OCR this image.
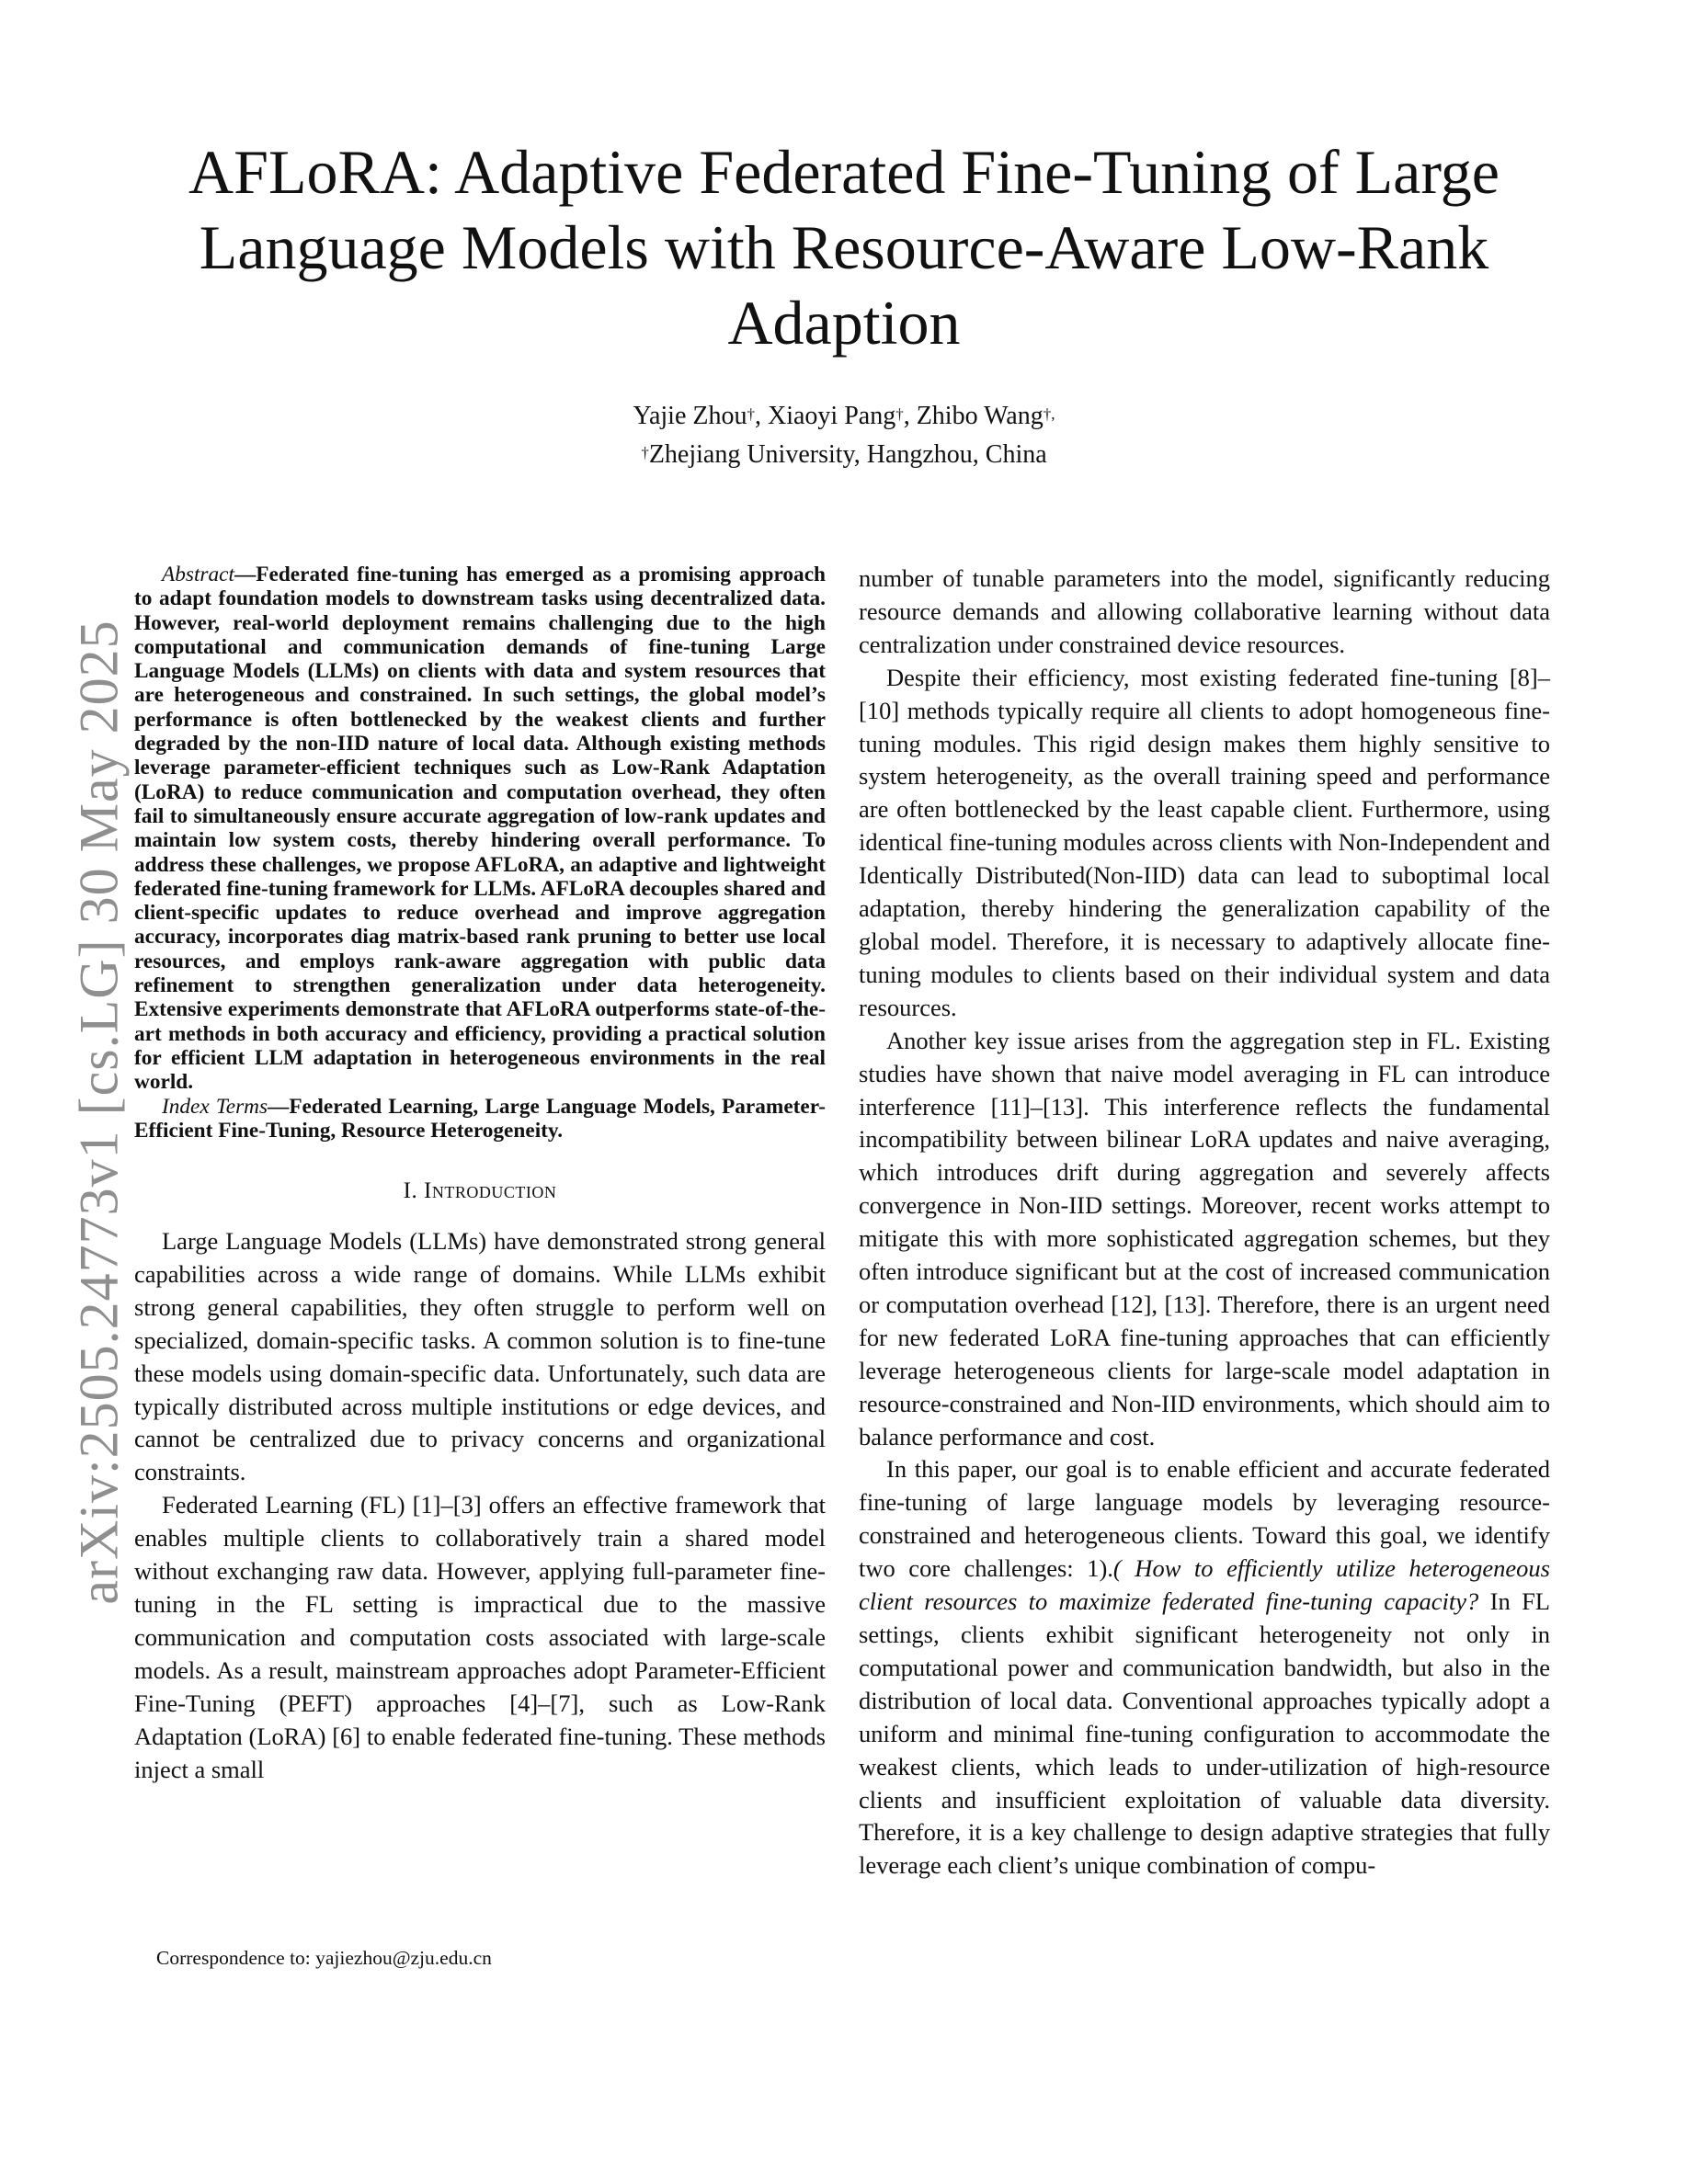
arXiv:2505.24773v1 [cs.LG] 30 May 2025
AFLoRA: Adaptive Federated Fine-Tuning of Large Language Models with Resource-Aware Low-Rank Adaption
Yajie Zhou†, Xiaoyi Pang†, Zhibo Wang†,
†Zhejiang University, Hangzhou, China

Abstract—Federated fine-tuning has emerged as a promising approach to adapt foundation models to downstream tasks using decentralized data. However, real-world deployment remains challenging due to the high computational and communication demands of fine-tuning Large Language Models (LLMs) on clients with data and system resources that are heterogeneous and constrained. In such settings, the global model’s performance is often bottlenecked by the weakest clients and further degraded by the non-IID nature of local data. Although existing methods leverage parameter-efficient techniques such as Low-Rank Adaptation (LoRA) to reduce communication and computation overhead, they often fail to simultaneously ensure accurate aggregation of low-rank updates and maintain low system costs, thereby hindering overall performance. To address these challenges, we propose AFLoRA, an adaptive and lightweight federated fine-tuning framework for LLMs. AFLoRA decouples shared and client-specific updates to reduce overhead and improve aggregation accuracy, incorporates diag matrix-based rank pruning to better use local resources, and employs rank-aware aggregation with public data refinement to strengthen generalization under data heterogeneity. Extensive experiments demonstrate that AFLoRA outperforms state-of-the-art methods in both accuracy and efficiency, providing a practical solution for efficient LLM adaptation in heterogeneous environments in the real world.

Index Terms—Federated Learning, Large Language Models, Parameter-Efficient Fine-Tuning, Resource Heterogeneity.

I. Introduction

Large Language Models (LLMs) have demonstrated strong general capabilities across a wide range of domains. While LLMs exhibit strong general capabilities, they often struggle to perform well on specialized, domain-specific tasks. A common solution is to fine-tune these models using domain-specific data. Unfortunately, such data are typically distributed across multiple institutions or edge devices, and cannot be centralized due to privacy concerns and organizational constraints.

Federated Learning (FL) [1]–[3] offers an effective framework that enables multiple clients to collaboratively train a shared model without exchanging raw data. However, applying full-parameter fine-tuning in the FL setting is impractical due to the massive communication and computation costs associated with large-scale models. As a result, mainstream approaches adopt Parameter-Efficient Fine-Tuning (PEFT) approaches [4]–[7], such as Low-Rank Adaptation (LoRA) [6] to enable federated fine-tuning. These methods inject a small

number of tunable parameters into the model, significantly reducing resource demands and allowing collaborative learning without data centralization under constrained device resources.

Despite their efficiency, most existing federated fine-tuning [8]–[10] methods typically require all clients to adopt homogeneous fine-tuning modules. This rigid design makes them highly sensitive to system heterogeneity, as the overall training speed and performance are often bottlenecked by the least capable client. Furthermore, using identical fine-tuning modules across clients with Non-Independent and Identically Distributed(Non-IID) data can lead to suboptimal local adaptation, thereby hindering the generalization capability of the global model. Therefore, it is necessary to adaptively allocate fine-tuning modules to clients based on their individual system and data resources.

Another key issue arises from the aggregation step in FL. Existing studies have shown that naive model averaging in FL can introduce interference [11]–[13]. This interference reflects the fundamental incompatibility between bilinear LoRA updates and naive averaging, which introduces drift during aggregation and severely affects convergence in Non-IID settings. Moreover, recent works attempt to mitigate this with more sophisticated aggregation schemes, but they often introduce significant but at the cost of increased communication or computation overhead [12], [13]. Therefore, there is an urgent need for new federated LoRA fine-tuning approaches that can efficiently leverage heterogeneous clients for large-scale model adaptation in resource-constrained and Non-IID environments, which should aim to balance performance and cost.

In this paper, our goal is to enable efficient and accurate federated fine-tuning of large language models by leveraging resource-constrained and heterogeneous clients. Toward this goal, we identify two core challenges: 1).( How to efficiently utilize heterogeneous client resources to maximize federated fine-tuning capacity? In FL settings, clients exhibit significant heterogeneity not only in computational power and communication bandwidth, but also in the distribution of local data. Conventional approaches typically adopt a uniform and minimal fine-tuning configuration to accommodate the weakest clients, which leads to under-utilization of high-resource clients and insufficient exploitation of valuable data diversity. Therefore, it is a key challenge to design adaptive strategies that fully leverage each client’s unique combination of compu-

Correspondence to: yajiezhou@zju.edu.cn
